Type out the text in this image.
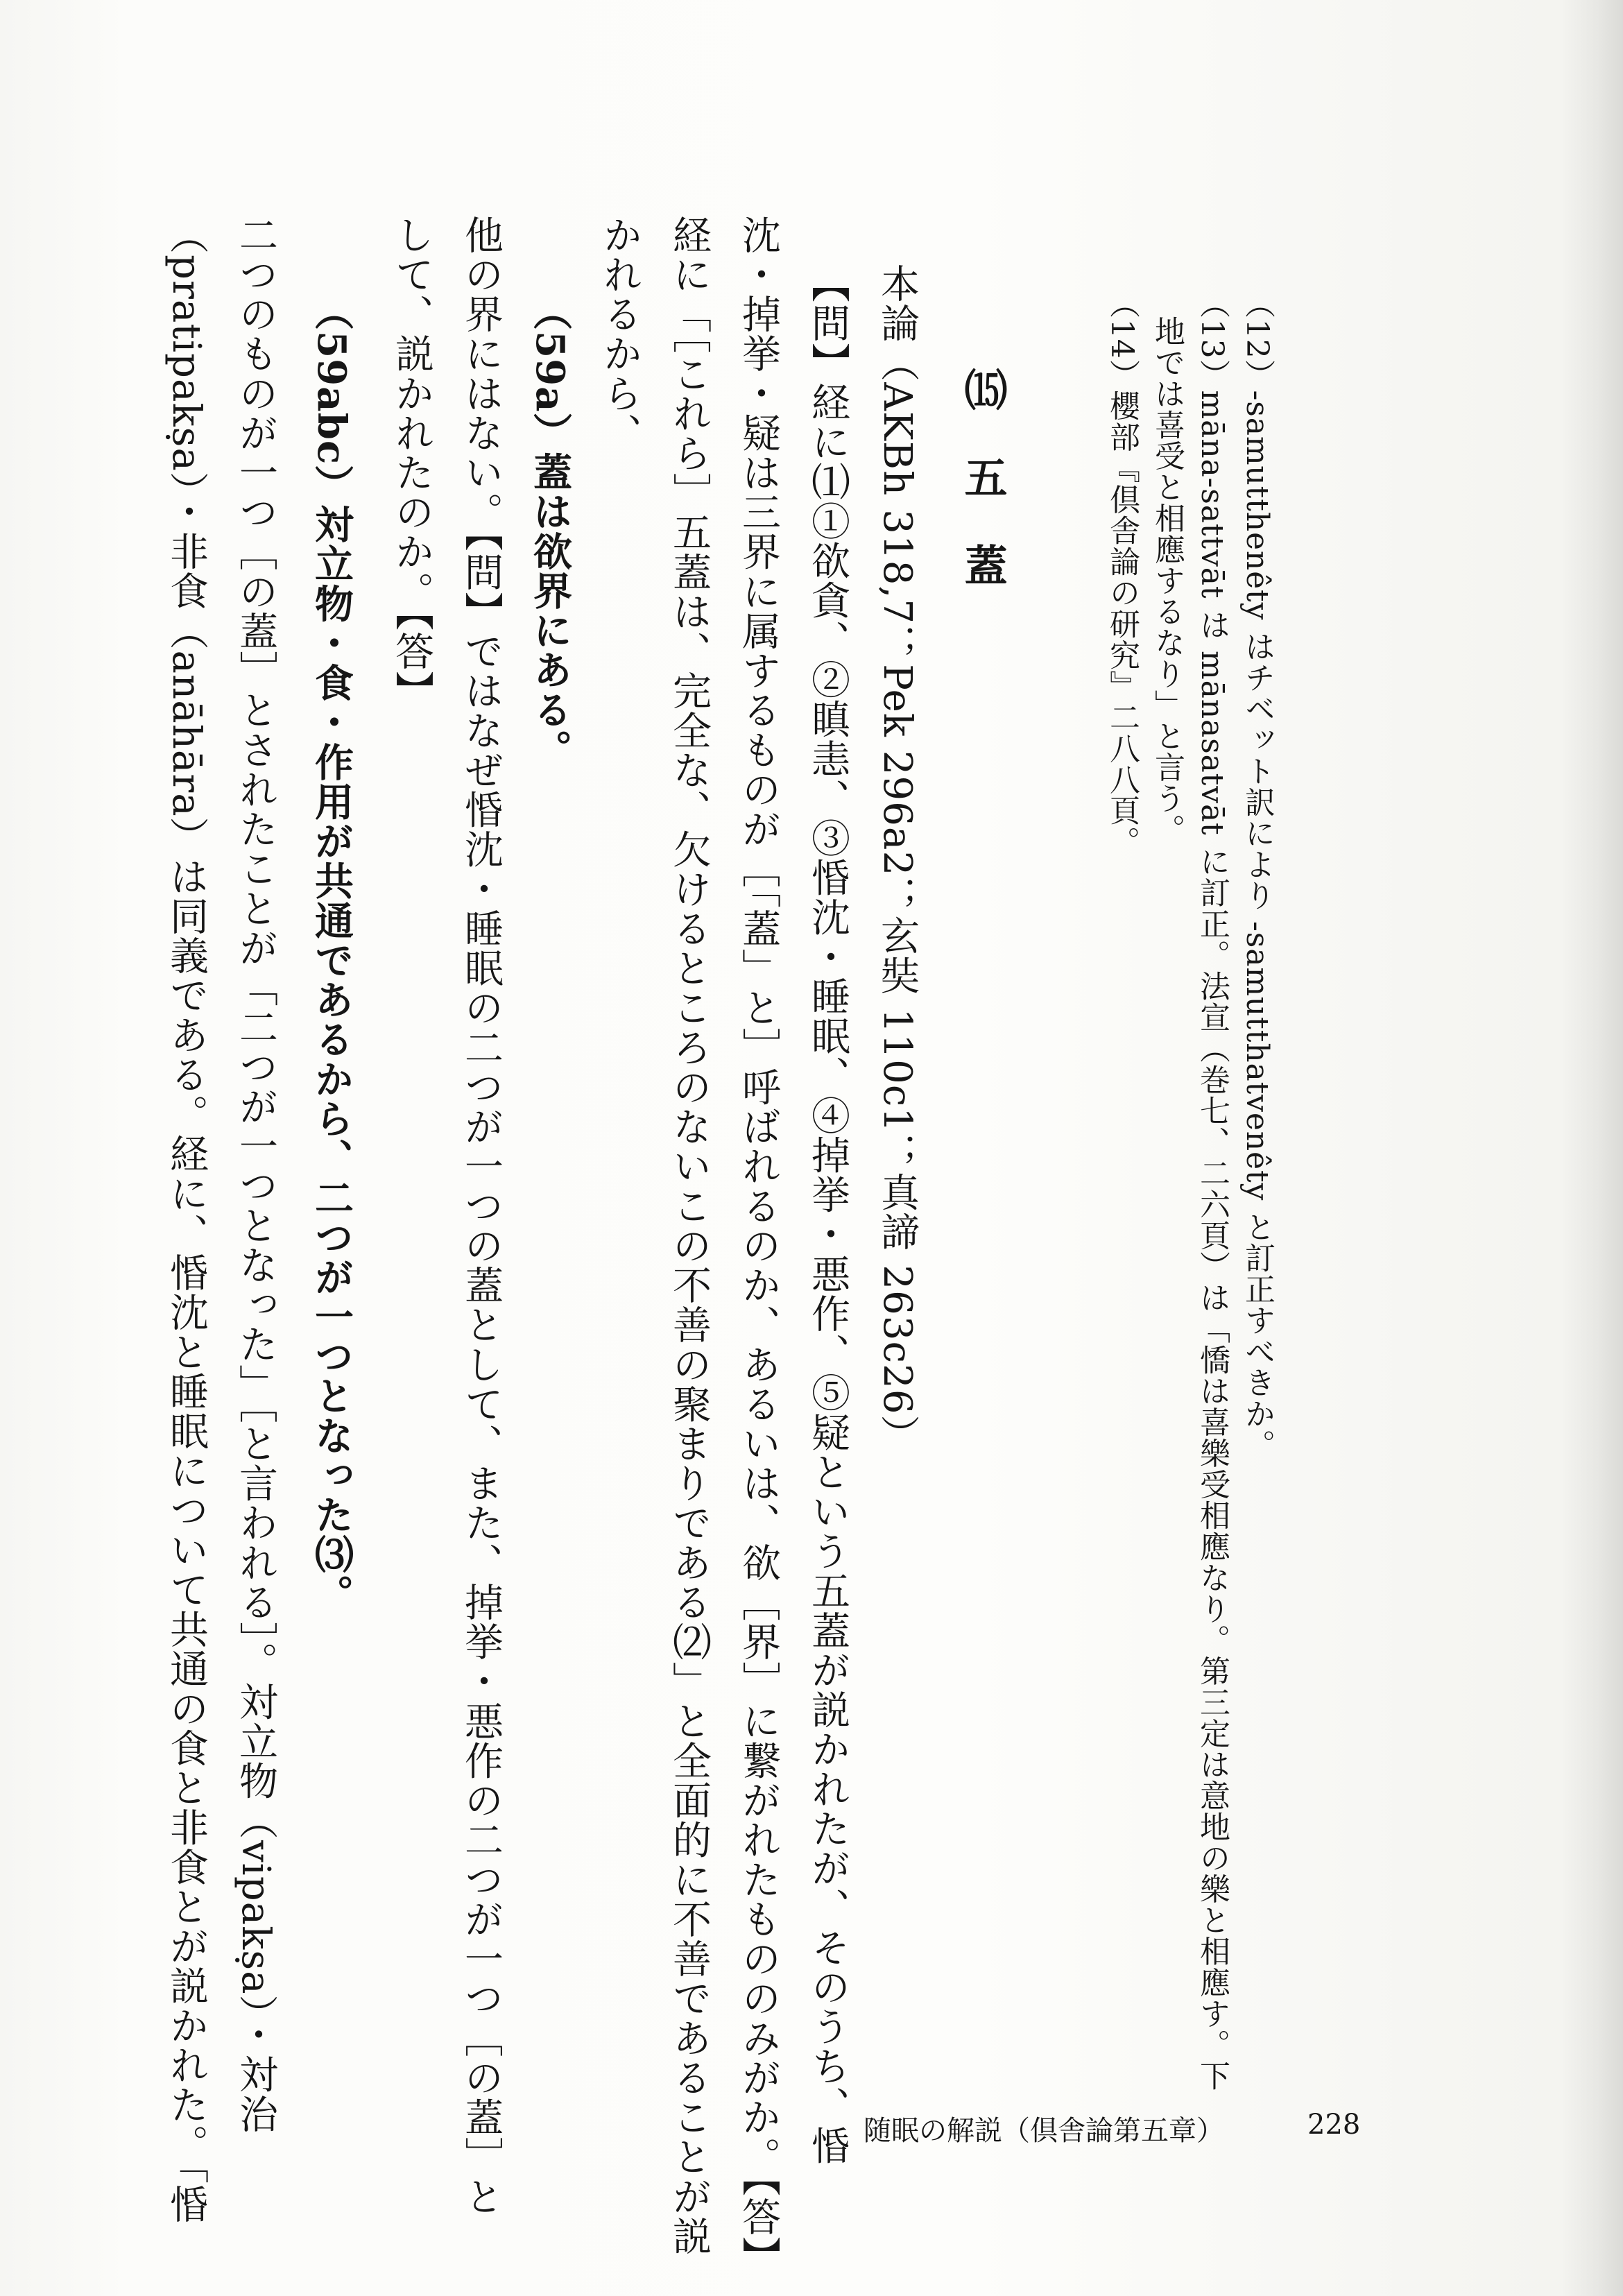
（12）-samutthenêty はチベット訳により -samutthatvenêty と訂正すべきか。
（13）māna-sattvāt は mānasatvāt に訂正。法宣（巻七、二六頁）は「憍は喜樂受相應なり。第三定は意地の樂と相應す。下
地では喜受と相應するなり」と言う。
（14）櫻部『倶舎論の研究』二八八頁。
⒂　五　蓋
本論（AKBh 318,7；Pek 296a2；玄奘 110c1；真諦 263c26）
【問】経に⑴①欲貪、②瞋恚、③惛沈・睡眠、④掉挙・悪作、⑤疑という五蓋が説かれたが、そのうち、惛
沈・掉挙・疑は三界に属するものが［「蓋」と］呼ばれるのか、あるいは、欲［界］に繋がれたもののみがか。【答】
経に「［これら］五蓋は、完全な、欠けるところのないこの不善の聚まりである⑵」と全面的に不善であることが説
かれるから、
（59a）蓋は欲界にある。
他の界にはない。【問】ではなぜ惛沈・睡眠の二つが一つの蓋として、また、掉挙・悪作の二つが一つ［の蓋］と
して、説かれたのか。【答】
（59abc）対立物・食・作用が共通であるから、二つが一つとなった⑶。
二つのものが一つ［の蓋］とされたことが「二つが一つとなった」［と言われる］。対立物（vipakṣa）・対治
（pratipakṣa）・非食（anāhāra）は同義である。経に、惛沈と睡眠について共通の食と非食とが説かれた。「惛	随眠の解説（倶舎論第五章）	228
